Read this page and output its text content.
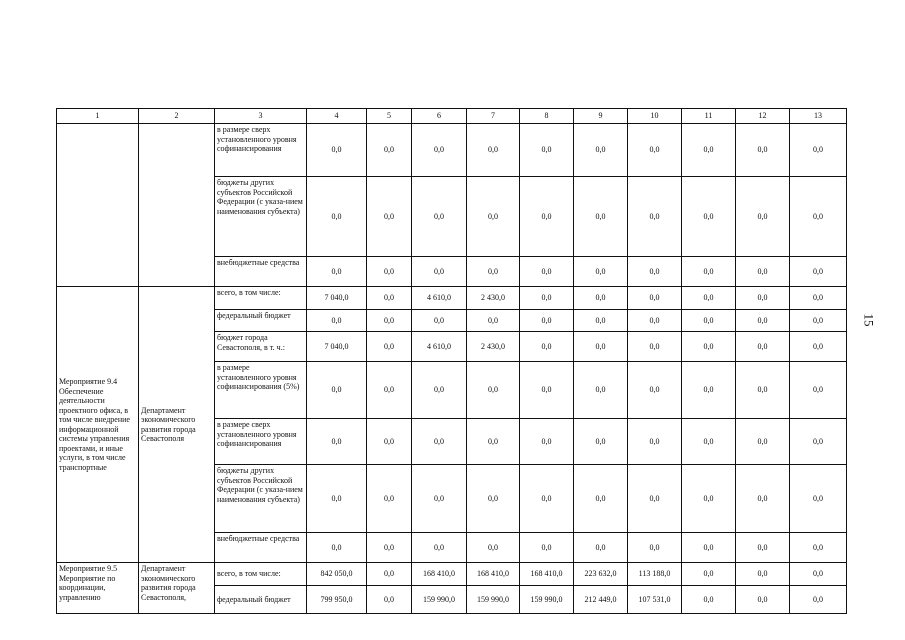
15
1	2	3	4	5	6	7	8	9	10	11	12	13
		в размере сверх установленного уровня софинансирования	0,0	0,0	0,0	0,0	0,0	0,0	0,0	0,0	0,0	0,0
		бюджеты других субъектов Российской Федерации (с указа-нием наименования субъекта)	0,0	0,0	0,0	0,0	0,0	0,0	0,0	0,0	0,0	0,0
		внебюджетные средства	0,0	0,0	0,0	0,0	0,0	0,0	0,0	0,0	0,0	0,0
Мероприятие 9.4 Обеспечение деятельности проектного офиса, в том числе внедрение информационной системы управления проектами, и иные услуги, в том числе транспортные	Департамент экономического развития города Севастополя	всего, в том числе:	7 040,0	0,0	4 610,0	2 430,0	0,0	0,0	0,0	0,0	0,0	0,0
		федеральный бюджет	0,0	0,0	0,0	0,0	0,0	0,0	0,0	0,0	0,0	0,0
		бюджет города Севастополя, в т. ч.:	7 040,0	0,0	4 610,0	2 430,0	0,0	0,0	0,0	0,0	0,0	0,0
		в размере установленного уровня софинансирования (5%)	0,0	0,0	0,0	0,0	0,0	0,0	0,0	0,0	0,0	0,0
		в размере сверх установленного уровня софинансирования	0,0	0,0	0,0	0,0	0,0	0,0	0,0	0,0	0,0	0,0
		бюджеты других субъектов Российской Федерации (с указа-нием наименования субъекта)	0,0	0,0	0,0	0,0	0,0	0,0	0,0	0,0	0,0	0,0
		внебюджетные средства	0,0	0,0	0,0	0,0	0,0	0,0	0,0	0,0	0,0	0,0
Мероприятие 9.5 Мероприятие по координации, управлению	Департамент экономического развития города Севастополя,	всего, в том числе:	842 050,0	0,0	168 410,0	168 410,0	168 410,0	223 632,0	113 188,0	0,0	0,0	0,0
		федеральный бюджет	799 950,0	0,0	159 990,0	159 990,0	159 990,0	212 449,0	107 531,0	0,0	0,0	0,0
